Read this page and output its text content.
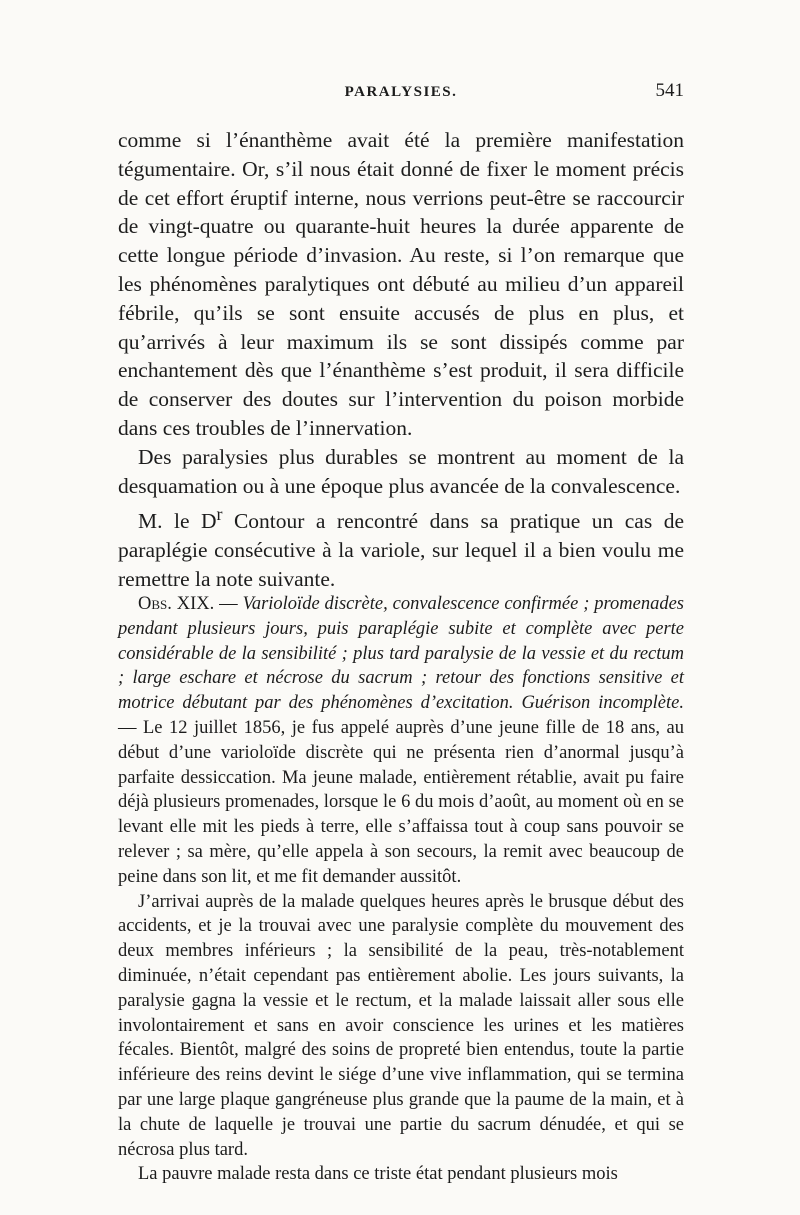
PARALYSIES.	541

comme si l’énanthème avait été la première manifestation tégumentaire. Or, s’il nous était donné de fixer le moment précis de cet effort éruptif interne, nous verrions peut-être se raccourcir de vingt-quatre ou quarante-huit heures la durée apparente de cette longue période d’invasion. Au reste, si l’on remarque que les phénomènes paralytiques ont débuté au milieu d’un appareil fébrile, qu’ils se sont ensuite accusés de plus en plus, et qu’arrivés à leur maximum ils se sont dissipés comme par enchantement dès que l’énanthème s’est produit, il sera difficile de conserver des doutes sur l’intervention du poison morbide dans ces troubles de l’innervation.

Des paralysies plus durables se montrent au moment de la desquamation ou à une époque plus avancée de la convalescence.

M. le $D^r$ Contour a rencontré dans sa pratique un cas de paraplégie consécutive à la variole, sur lequel il a bien voulu me remettre la note suivante.

Obs. XIX. — Varioloïde discrète, convalescence confirmée ; promenades pendant plusieurs jours, puis paraplégie subite et complète avec perte considérable de la sensibilité ; plus tard paralysie de la vessie et du rectum ; large eschare et nécrose du sacrum ; retour des fonctions sensitive et motrice débutant par des phénomènes d’excitation. Guérison incomplète. — Le 12 juillet 1856, je fus appelé auprès d’une jeune fille de 18 ans, au début d’une varioloïde discrète qui ne présenta rien d’anormal jusqu’à parfaite dessiccation. Ma jeune malade, entièrement rétablie, avait pu faire déjà plusieurs promenades, lorsque le 6 du mois d’août, au moment où en se levant elle mit les pieds à terre, elle s’affaissa tout à coup sans pouvoir se relever ; sa mère, qu’elle appela à son secours, la remit avec beaucoup de peine dans son lit, et me fit demander aussitôt.

J’arrivai auprès de la malade quelques heures après le brusque début des accidents, et je la trouvai avec une paralysie complète du mouvement des deux membres inférieurs ; la sensibilité de la peau, très-notablement diminuée, n’était cependant pas entièrement abolie. Les jours suivants, la paralysie gagna la vessie et le rectum, et la malade laissait aller sous elle involontairement et sans en avoir conscience les urines et les matières fécales. Bientôt, malgré des soins de propreté bien entendus, toute la partie inférieure des reins devint le siége d’une vive inflammation, qui se termina par une large plaque gangréneuse plus grande que la paume de la main, et à la chute de laquelle je trouvai une partie du sacrum dénudée, et qui se nécrosa plus tard.

La pauvre malade resta dans ce triste état pendant plusieurs mois
